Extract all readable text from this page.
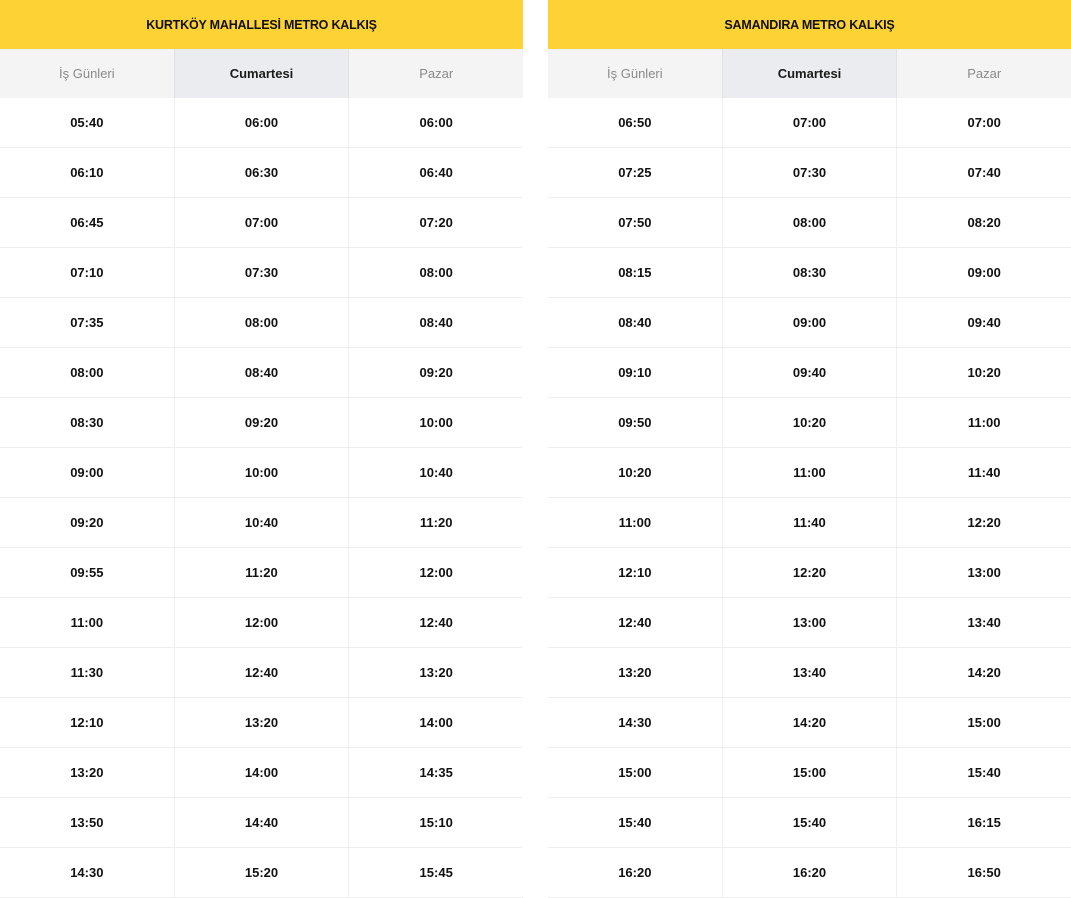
KURTKÖY MAHALLESİ METRO KALKIŞ
İş Günleri	Cumartesi	Pazar
05:40	06:00	06:00
06:10	06:30	06:40
06:45	07:00	07:20
07:10	07:30	08:00
07:35	08:00	08:40
08:00	08:40	09:20
08:30	09:20	10:00
09:00	10:00	10:40
09:20	10:40	11:20
09:55	11:20	12:00
11:00	12:00	12:40
11:30	12:40	13:20
12:10	13:20	14:00
13:20	14:00	14:35
13:50	14:40	15:10
14:30	15:20	15:45
SAMANDIRA METRO KALKIŞ
İş Günleri	Cumartesi	Pazar
06:50	07:00	07:00
07:25	07:30	07:40
07:50	08:00	08:20
08:15	08:30	09:00
08:40	09:00	09:40
09:10	09:40	10:20
09:50	10:20	11:00
10:20	11:00	11:40
11:00	11:40	12:20
12:10	12:20	13:00
12:40	13:00	13:40
13:20	13:40	14:20
14:30	14:20	15:00
15:00	15:00	15:40
15:40	15:40	16:15
16:20	16:20	16:50
